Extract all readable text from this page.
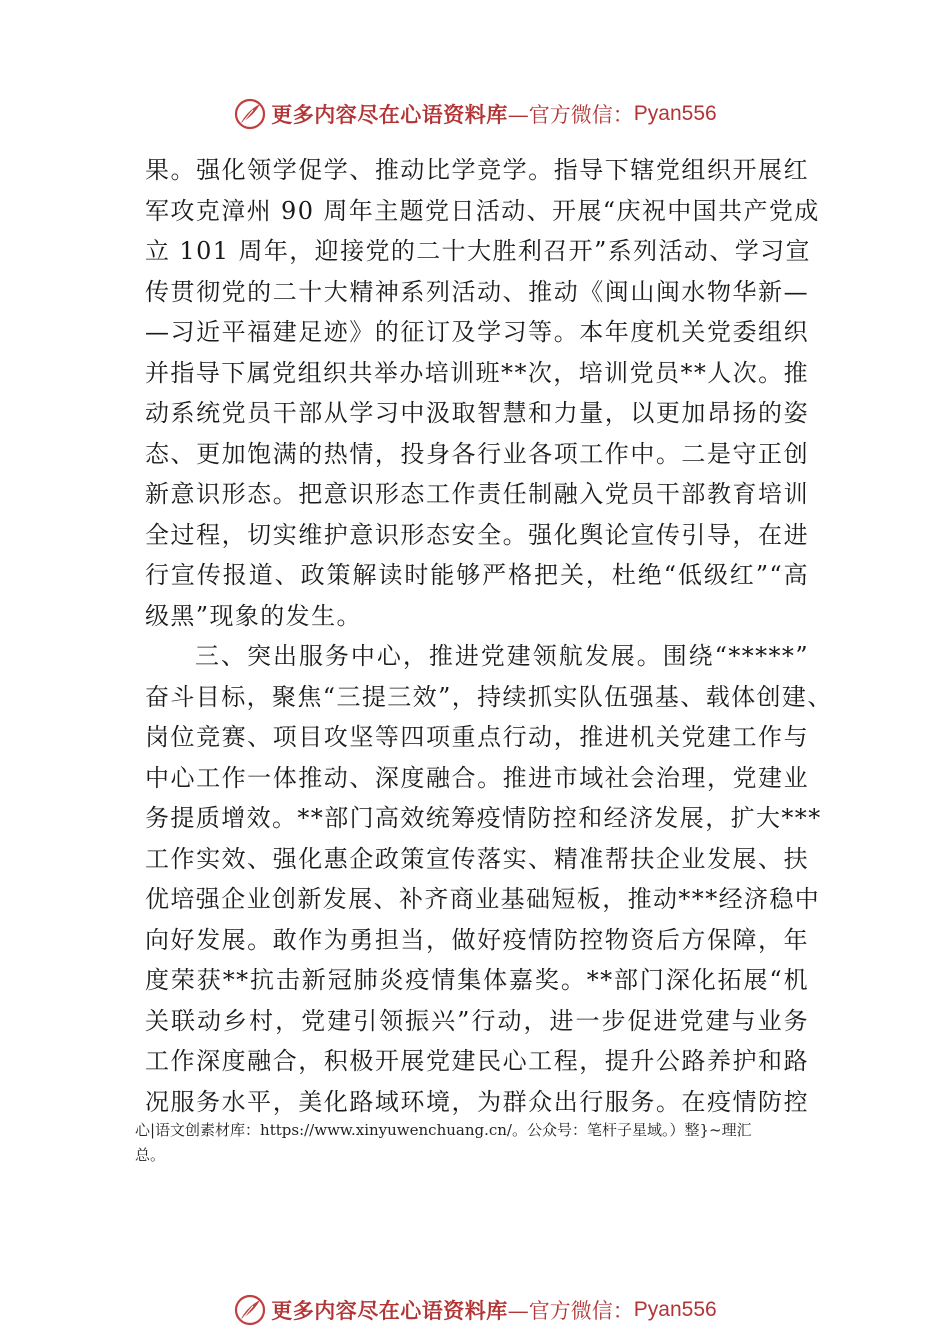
更多内容尽在心语资料库 —官方微信： Pyan556

果。强化领学促学、推动比学竞学。指导下辖党组织开展红
军攻克漳州 90 周年主题党日活动、开展“庆祝中国共产党成
立 101 周年，迎接党的二十大胜利召开”系列活动、学习宣
传贯彻党的二十大精神系列活动、推动《闽山闽水物华新—
—习近平福建足迹》的征订及学习等。本年度机关党委组织
并指导下属党组织共举办培训班**次，培训党员**人次。推
动系统党员干部从学习中汲取智慧和力量，以更加昂扬的姿
态、更加饱满的热情，投身各行业各项工作中。二是守正创
新意识形态。把意识形态工作责任制融入党员干部教育培训
全过程，切实维护意识形态安全。强化舆论宣传引导，在进
行宣传报道、政策解读时能够严格把关，杜绝“低级红”“高
级黑”现象的发生。

三、突出服务中心，推进党建领航发展。围绕“*****”
奋斗目标，聚焦“三提三效”，持续抓实队伍强基、载体创建、
岗位竞赛、项目攻坚等四项重点行动，推进机关党建工作与
中心工作一体推动、深度融合。推进市域社会治理，党建业
务提质增效。**部门高效统筹疫情防控和经济发展，扩大***
工作实效、强化惠企政策宣传落实、精准帮扶企业发展、扶
优培强企业创新发展、补齐商业基础短板，推动***经济稳中
向好发展。敢作为勇担当，做好疫情防控物资后方保障，年
度荣获**抗击新冠肺炎疫情集体嘉奖。**部门深化拓展“机
关联动乡村，党建引领振兴”行动，进一步促进党建与业务
工作深度融合，积极开展党建民心工程，提升公路养护和路
况服务水平，美化路域环境，为群众出行服务。在疫情防控

心|语文创素材库：https://www.xinyuwenchuang.cn/。公众号：笔杆子星域。）整}~理汇
总。
更多内容尽在心语资料库 —官方微信： Pyan556
